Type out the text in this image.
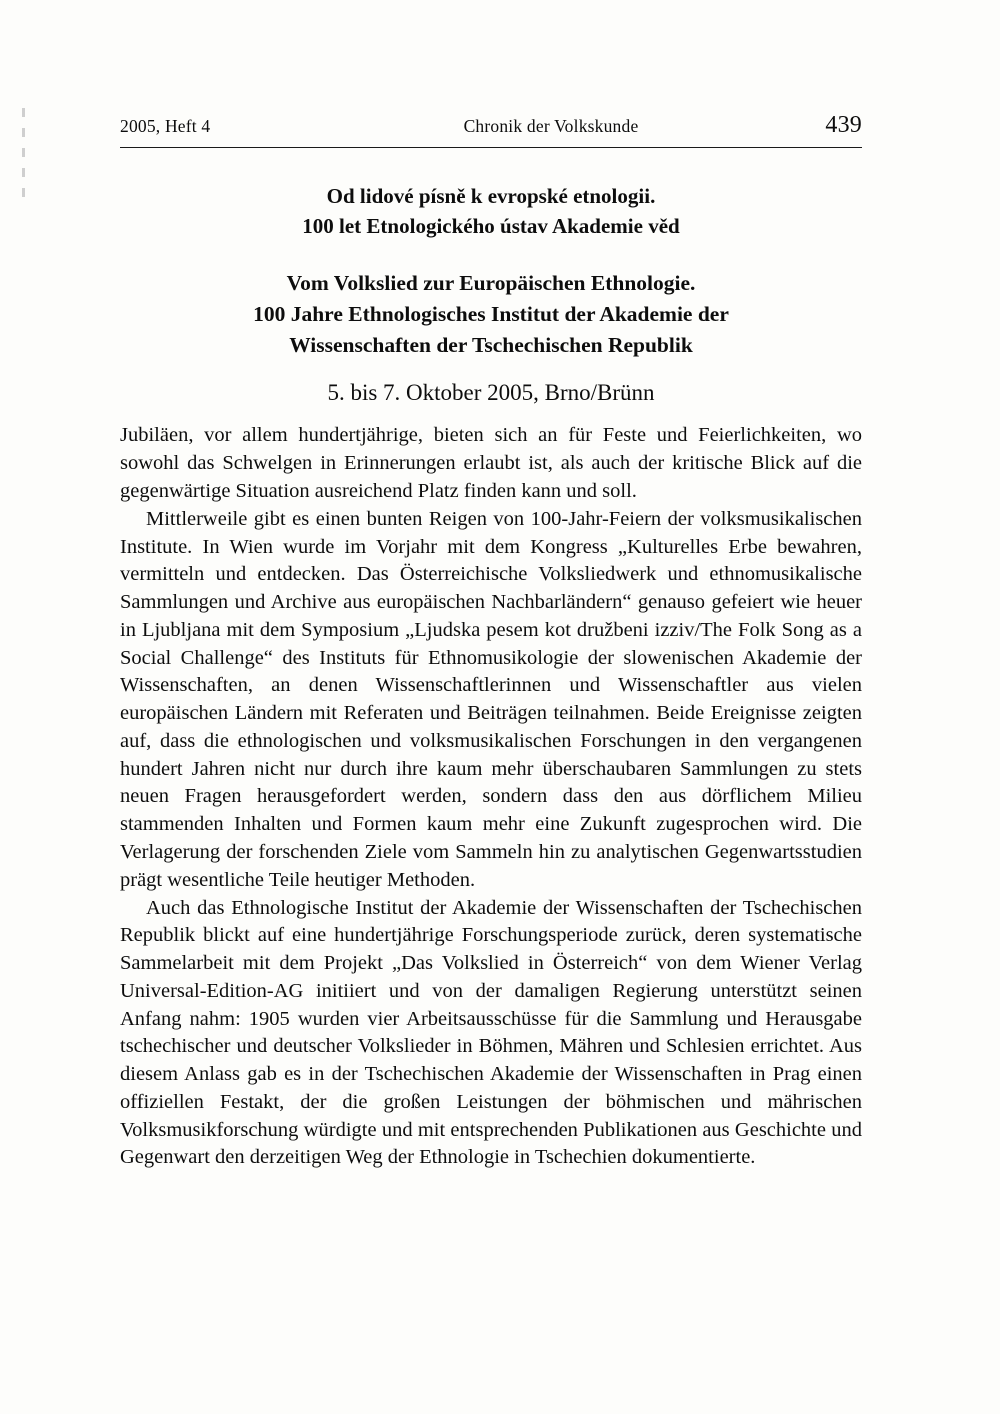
2005, Heft 4	Chronik der Volkskunde	439
Od lidové písně k evropské etnologii.
100 let Etnologického ústav Akademie věd
Vom Volkslied zur Europäischen Ethnologie.
100 Jahre Ethnologisches Institut der Akademie der
Wissenschaften der Tschechischen Republik
5. bis 7. Oktober 2005, Brno/Brünn

Jubiläen, vor allem hundertjährige, bieten sich an für Feste und Feierlichkeiten, wo sowohl das Schwelgen in Erinnerungen erlaubt ist, als auch der kritische Blick auf die gegenwärtige Situation ausreichend Platz finden kann und soll.

Mittlerweile gibt es einen bunten Reigen von 100-Jahr-Feiern der volksmusikalischen Institute. In Wien wurde im Vorjahr mit dem Kongress „Kulturelles Erbe bewahren, vermitteln und entdecken. Das Österreichische Volksliedwerk und ethnomusikalische Sammlungen und Archive aus europäischen Nachbarländern“ genauso gefeiert wie heuer in Ljubljana mit dem Symposium „Ljudska pesem kot družbeni izziv/The Folk Song as a Social Challenge“ des Instituts für Ethnomusikologie der slowenischen Akademie der Wissenschaften, an denen Wissenschaftlerinnen und Wissenschaftler aus vielen europäischen Ländern mit Referaten und Beiträgen teilnahmen. Beide Ereignisse zeigten auf, dass die ethnologischen und volksmusikalischen Forschungen in den vergangenen hundert Jahren nicht nur durch ihre kaum mehr überschaubaren Sammlungen zu stets neuen Fragen herausgefordert werden, sondern dass den aus dörflichem Milieu stammenden Inhalten und Formen kaum mehr eine Zukunft zugesprochen wird. Die Verlagerung der forschenden Ziele vom Sammeln hin zu analytischen Gegenwartsstudien prägt wesentliche Teile heutiger Methoden.

Auch das Ethnologische Institut der Akademie der Wissenschaften der Tschechischen Republik blickt auf eine hundertjährige Forschungsperiode zurück, deren systematische Sammelarbeit mit dem Projekt „Das Volkslied in Österreich“ von dem Wiener Verlag Universal-Edition-AG initiiert und von der damaligen Regierung unterstützt seinen Anfang nahm: 1905 wurden vier Arbeitsausschüsse für die Sammlung und Herausgabe tschechischer und deutscher Volkslieder in Böhmen, Mähren und Schlesien errichtet. Aus diesem Anlass gab es in der Tschechischen Akademie der Wissenschaften in Prag einen offiziellen Festakt, der die großen Leistungen der böhmischen und mährischen Volksmusikforschung würdigte und mit entsprechenden Publikationen aus Geschichte und Gegenwart den derzeitigen Weg der Ethnologie in Tschechien dokumentierte.
